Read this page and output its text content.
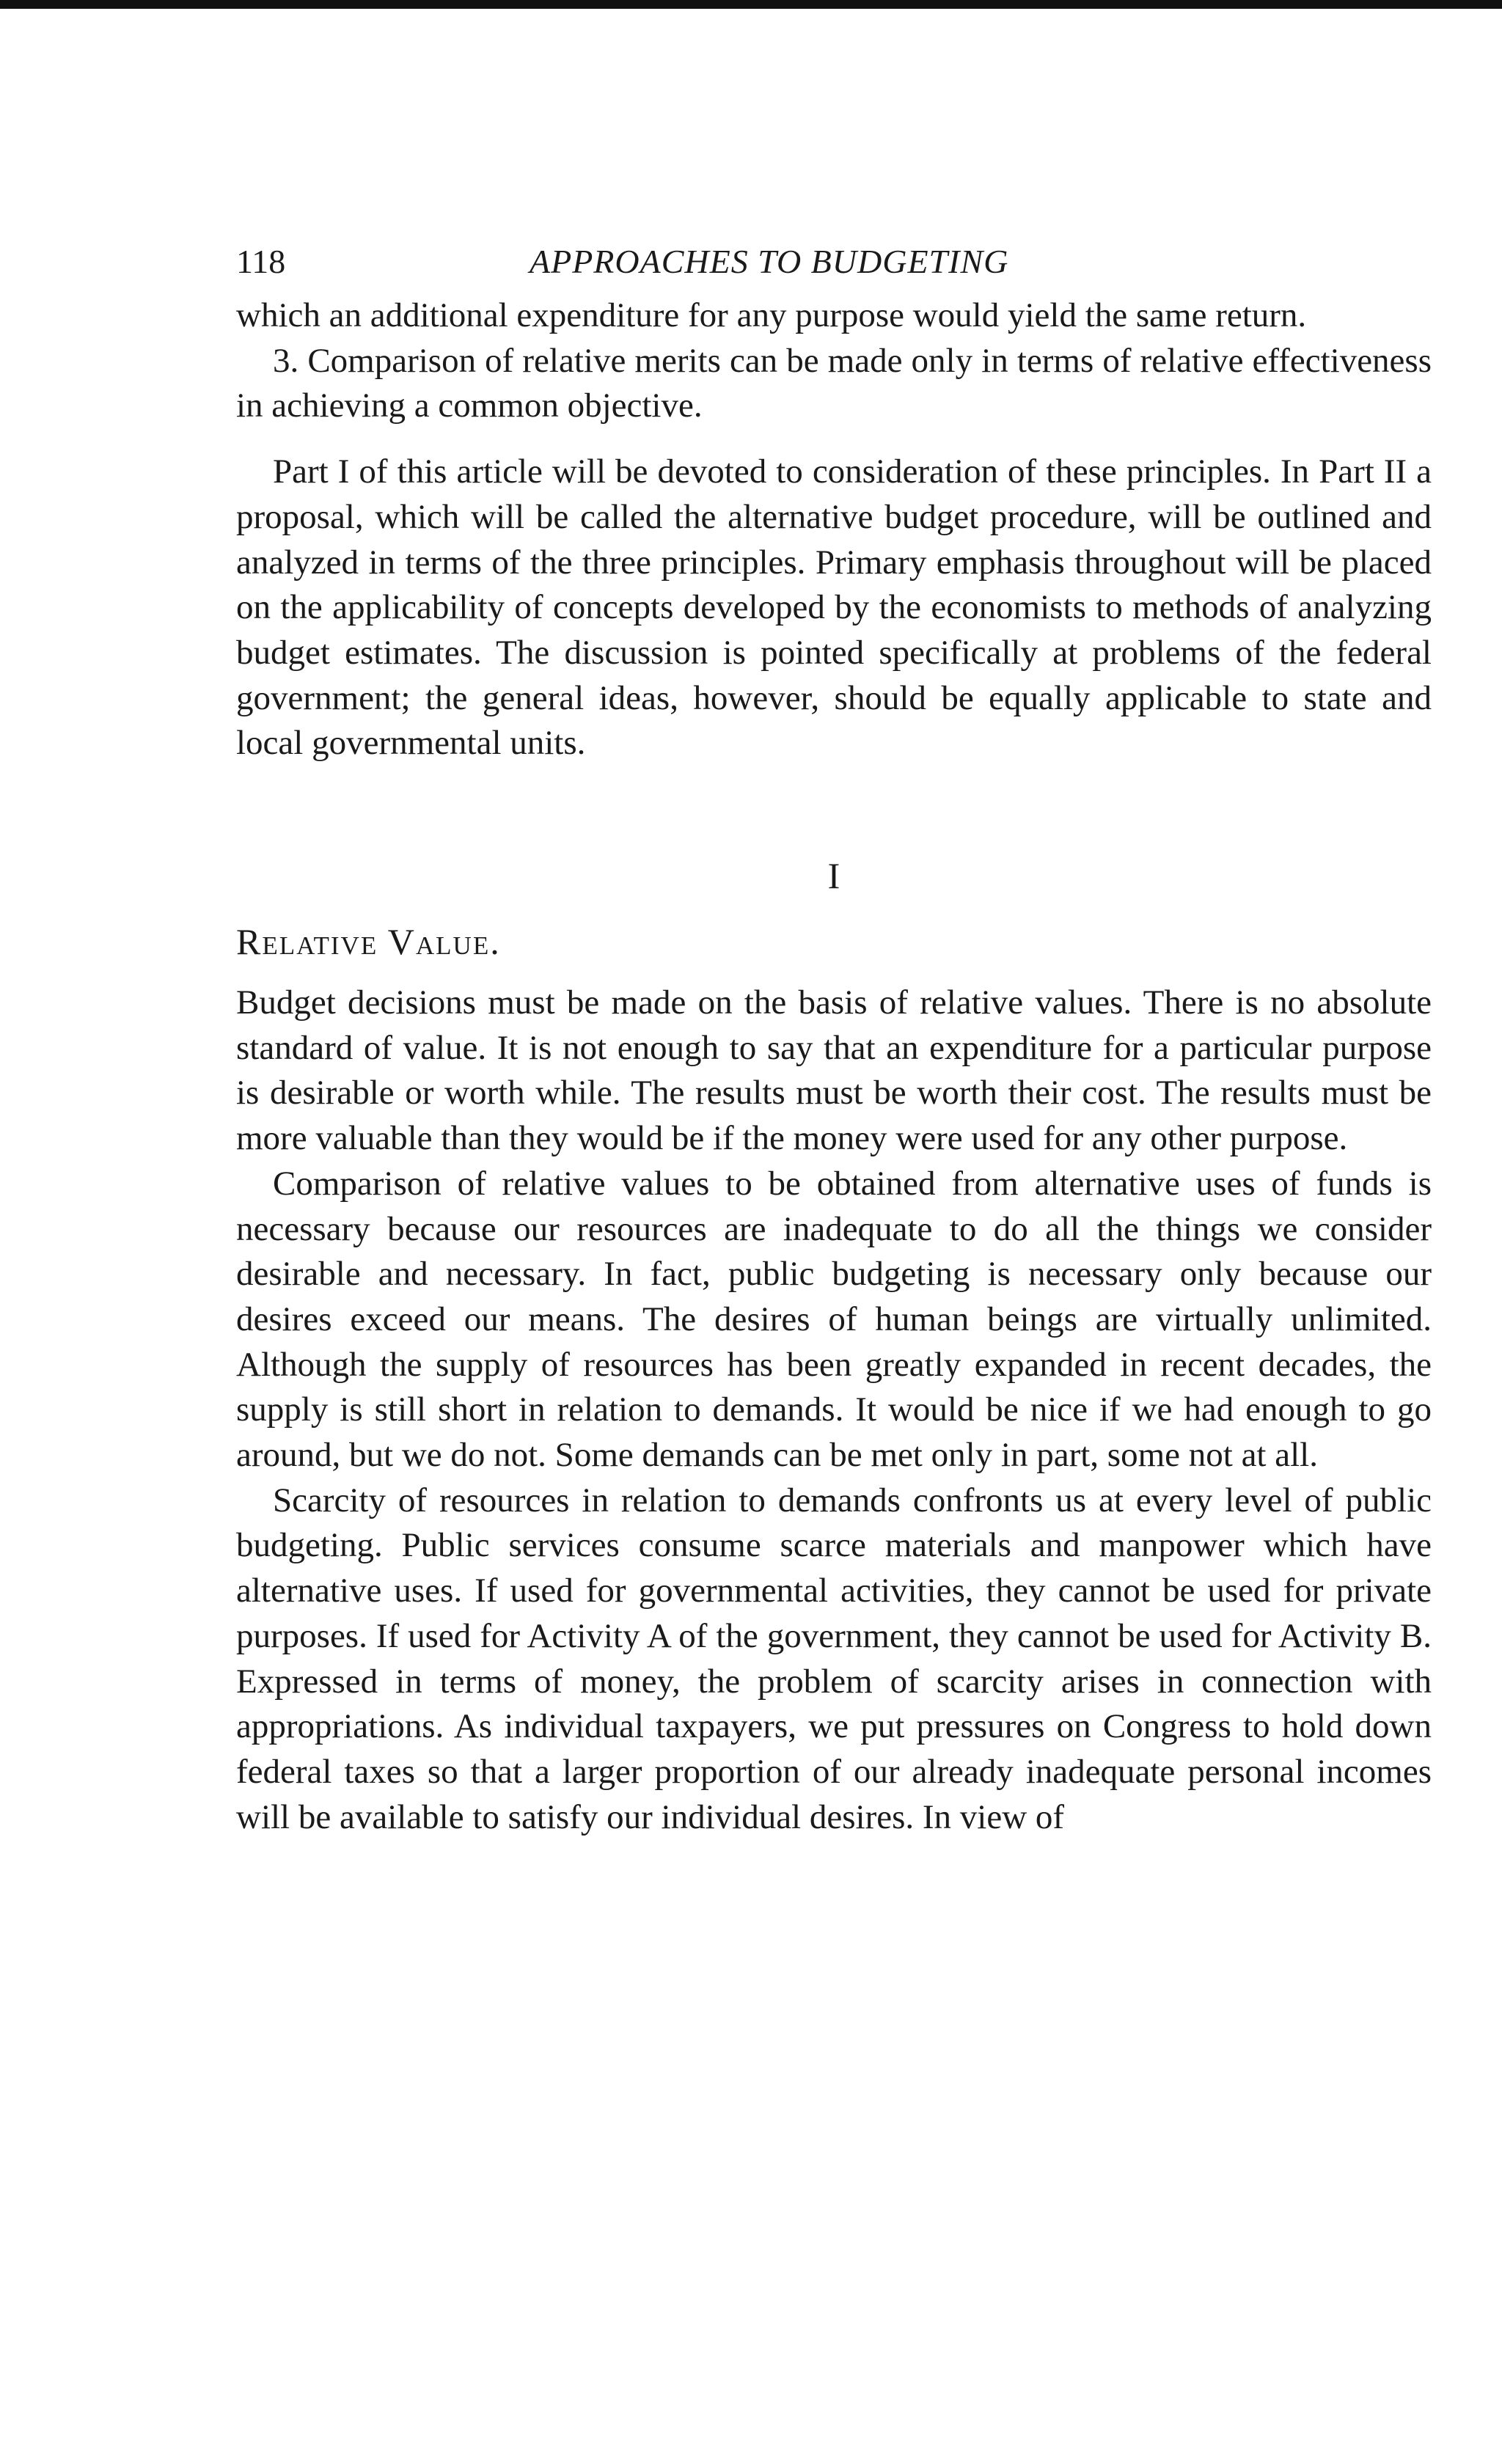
118	APPROACHES TO BUDGETING

which an additional expenditure for any purpose would yield the same return.

3. Comparison of relative merits can be made only in terms of relative effectiveness in achieving a common objective.

Part I of this article will be devoted to consideration of these principles. In Part II a proposal, which will be called the alternative budget procedure, will be outlined and analyzed in terms of the three principles. Primary emphasis throughout will be placed on the applicability of concepts developed by the economists to methods of analyzing budget estimates. The discussion is pointed specifically at problems of the federal government; the general ideas, however, should be equally applicable to state and local governmental units.

I
Relative Value.

Budget decisions must be made on the basis of relative values. There is no absolute standard of value. It is not enough to say that an expenditure for a particular purpose is desirable or worth while. The results must be worth their cost. The results must be more valuable than they would be if the money were used for any other purpose.

Comparison of relative values to be obtained from alternative uses of funds is necessary because our resources are inadequate to do all the things we consider desirable and necessary. In fact, public budgeting is necessary only because our desires exceed our means. The desires of human beings are virtually unlimited. Although the supply of resources has been greatly expanded in recent decades, the supply is still short in relation to demands. It would be nice if we had enough to go around, but we do not. Some demands can be met only in part, some not at all.

Scarcity of resources in relation to demands confronts us at every level of public budgeting. Public services consume scarce materials and manpower which have alternative uses. If used for governmental activities, they cannot be used for private purposes. If used for Activity A of the government, they cannot be used for Activity B. Expressed in terms of money, the problem of scarcity arises in connection with appropriations. As individual taxpayers, we put pressures on Congress to hold down federal taxes so that a larger proportion of our already inadequate personal incomes will be available to satisfy our individual desires. In view of
